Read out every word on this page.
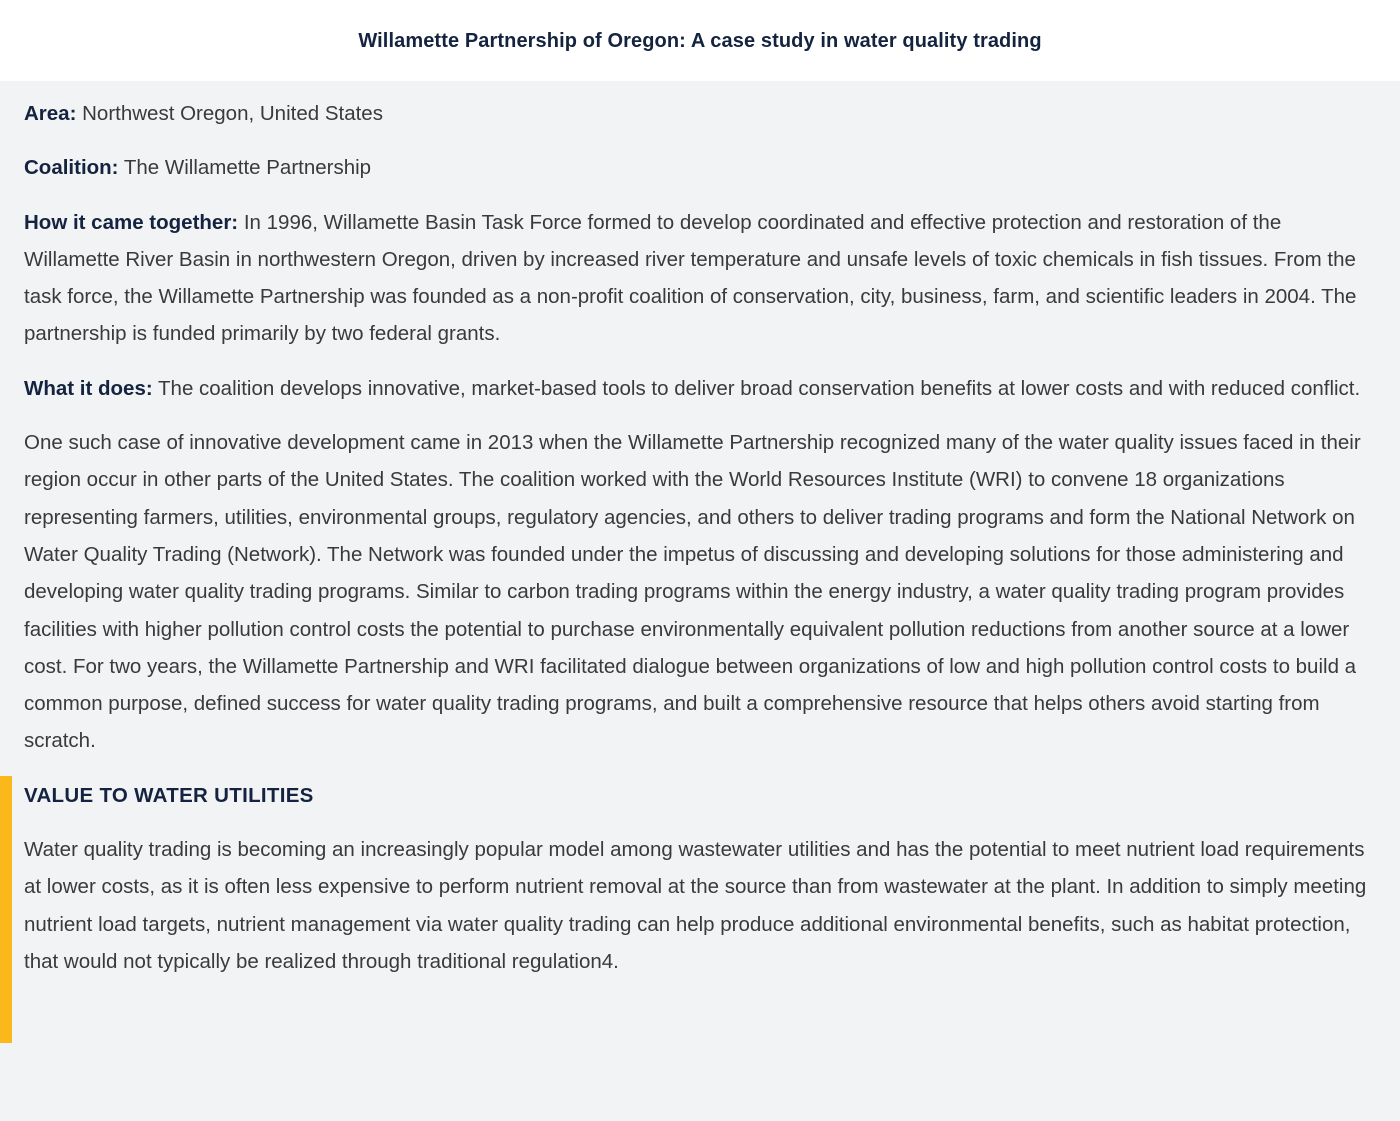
Willamette Partnership of Oregon: A case study in water quality trading

Area: Northwest Oregon, United States

Coalition: The Willamette Partnership

How it came together: In 1996, Willamette Basin Task Force formed to develop coordinated and effective protection and restoration of the Willamette River Basin in northwestern Oregon, driven by increased river temperature and unsafe levels of toxic chemicals in fish tissues. From the task force, the Willamette Partnership was founded as a non-profit coalition of conservation, city, business, farm, and scientific leaders in 2004. The partnership is funded primarily by two federal grants.

What it does: The coalition develops innovative, market-based tools to deliver broad conservation benefits at lower costs and with reduced conflict.

One such case of innovative development came in 2013 when the Willamette Partnership recognized many of the water quality issues faced in their region occur in other parts of the United States. The coalition worked with the World Resources Institute (WRI) to convene 18 organizations representing farmers, utilities, environmental groups, regulatory agencies, and others to deliver trading programs and form the National Network on Water Quality Trading (Network). The Network was founded under the impetus of discussing and developing solutions for those administering and developing water quality trading programs. Similar to carbon trading programs within the energy industry, a water quality trading program provides facilities with higher pollution control costs the potential to purchase environmentally equivalent pollution reductions from another source at a lower cost. For two years, the Willamette Partnership and WRI facilitated dialogue between organizations of low and high pollution control costs to build a common purpose, defined success for water quality trading programs, and built a comprehensive resource that helps others avoid starting from scratch.

VALUE TO WATER UTILITIES

Water quality trading is becoming an increasingly popular model among wastewater utilities and has the potential to meet nutrient load requirements at lower costs, as it is often less expensive to perform nutrient removal at the source than from wastewater at the plant. In addition to simply meeting nutrient load targets, nutrient management via water quality trading can help produce additional environmental benefits, such as habitat protection, that would not typically be realized through traditional regulation4.
